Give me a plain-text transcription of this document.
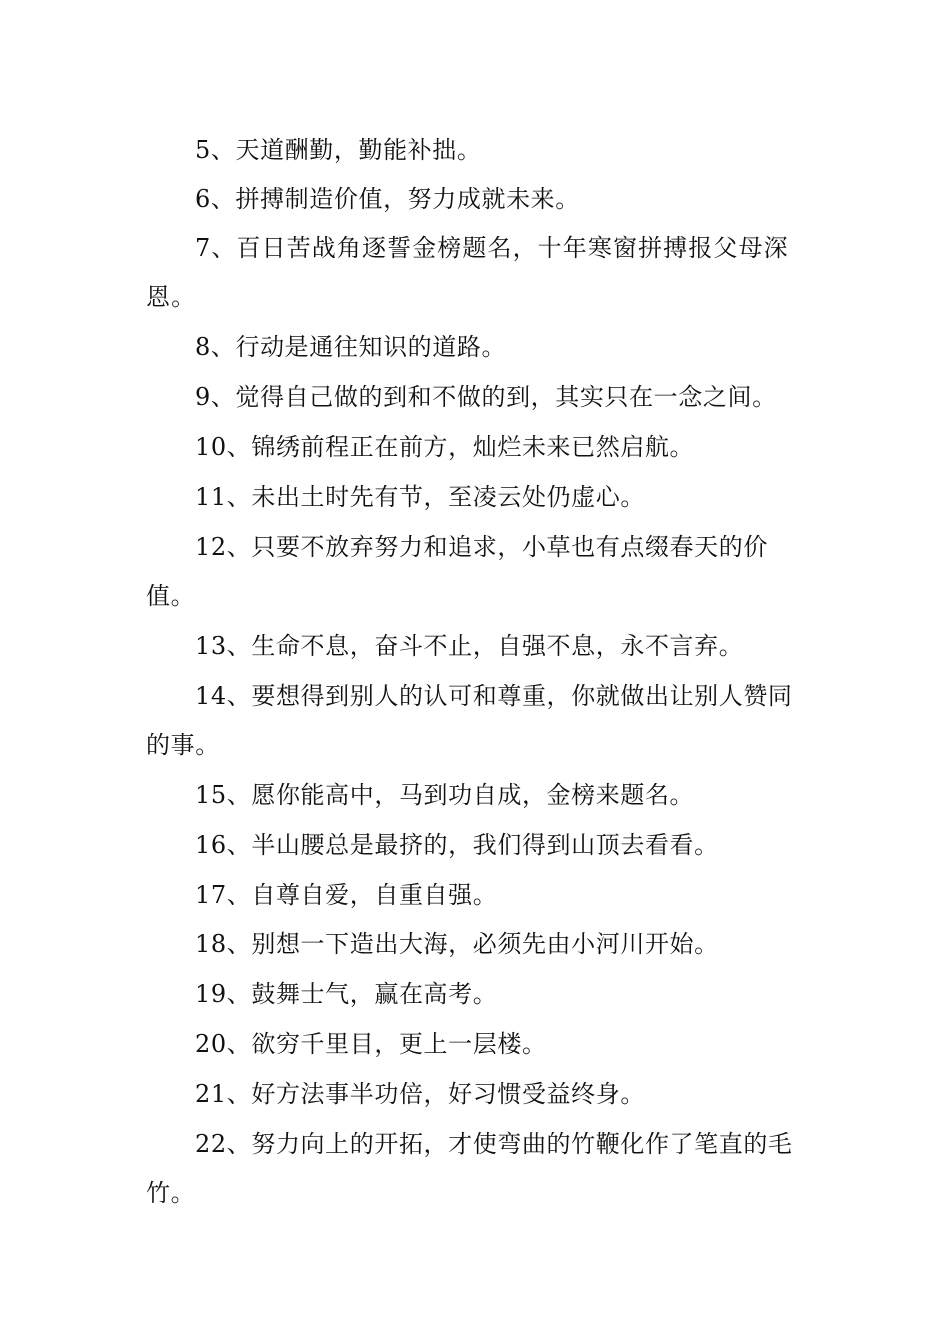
5、天道酬勤，勤能补拙。

6、拼搏制造价值，努力成就未来。

7、百日苦战角逐誓金榜题名，十年寒窗拼搏报父母深恩。

8、行动是通往知识的道路。

9、觉得自己做的到和不做的到，其实只在一念之间。

10、锦绣前程正在前方，灿烂未来已然启航。

11、未出土时先有节，至凌云处仍虚心。

12、只要不放弃努力和追求，小草也有点缀春天的价值。

13、生命不息，奋斗不止，自强不息，永不言弃。

14、要想得到别人的认可和尊重，你就做出让别人赞同的事。

15、愿你能高中，马到功自成，金榜来题名。

16、半山腰总是最挤的，我们得到山顶去看看。

17、自尊自爱，自重自强。

18、别想一下造出大海，必须先由小河川开始。

19、鼓舞士气，赢在高考。

20、欲穷千里目，更上一层楼。

21、好方法事半功倍，好习惯受益终身。

22、努力向上的开拓，才使弯曲的竹鞭化作了笔直的毛竹。
